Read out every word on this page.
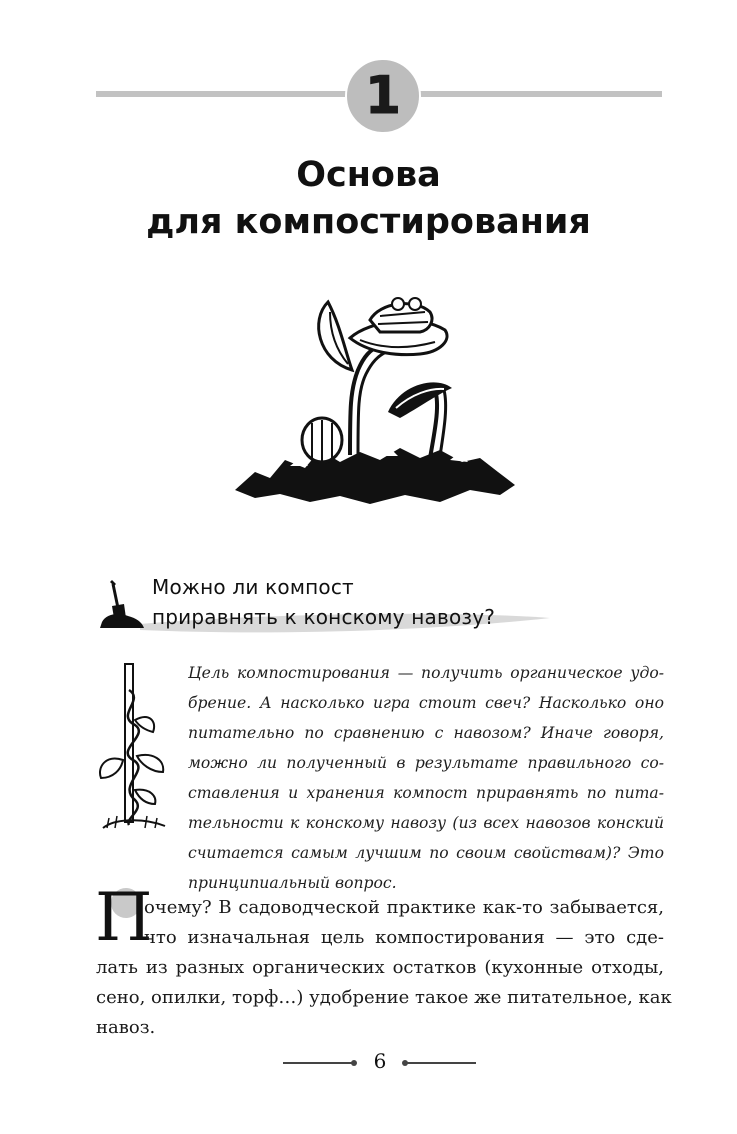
1
Основа
для компостирования
Можно ли компост
приравнять к конскому навозу?
Цель компостирования — получить органическое удо-
брение. А насколько игра стоит свеч? Насколько оно
питательно по сравнению с навозом? Иначе говоря,
можно ли полученный в результате правильного со-
ставления и хранения компост приравнять по пита-
тельности к конскому навозу (из всех навозов конский
считается самым лучшим по своим свойствам)? Это
принципиальный вопрос.
П
очему? В садоводческой практике как-то забывается,
что изначальная цель компостирования — это сде-
лать из разных органических остатков (кухонные отходы,
сено, опилки, торф…) удобрение такое же питательное, как
навоз.
6
